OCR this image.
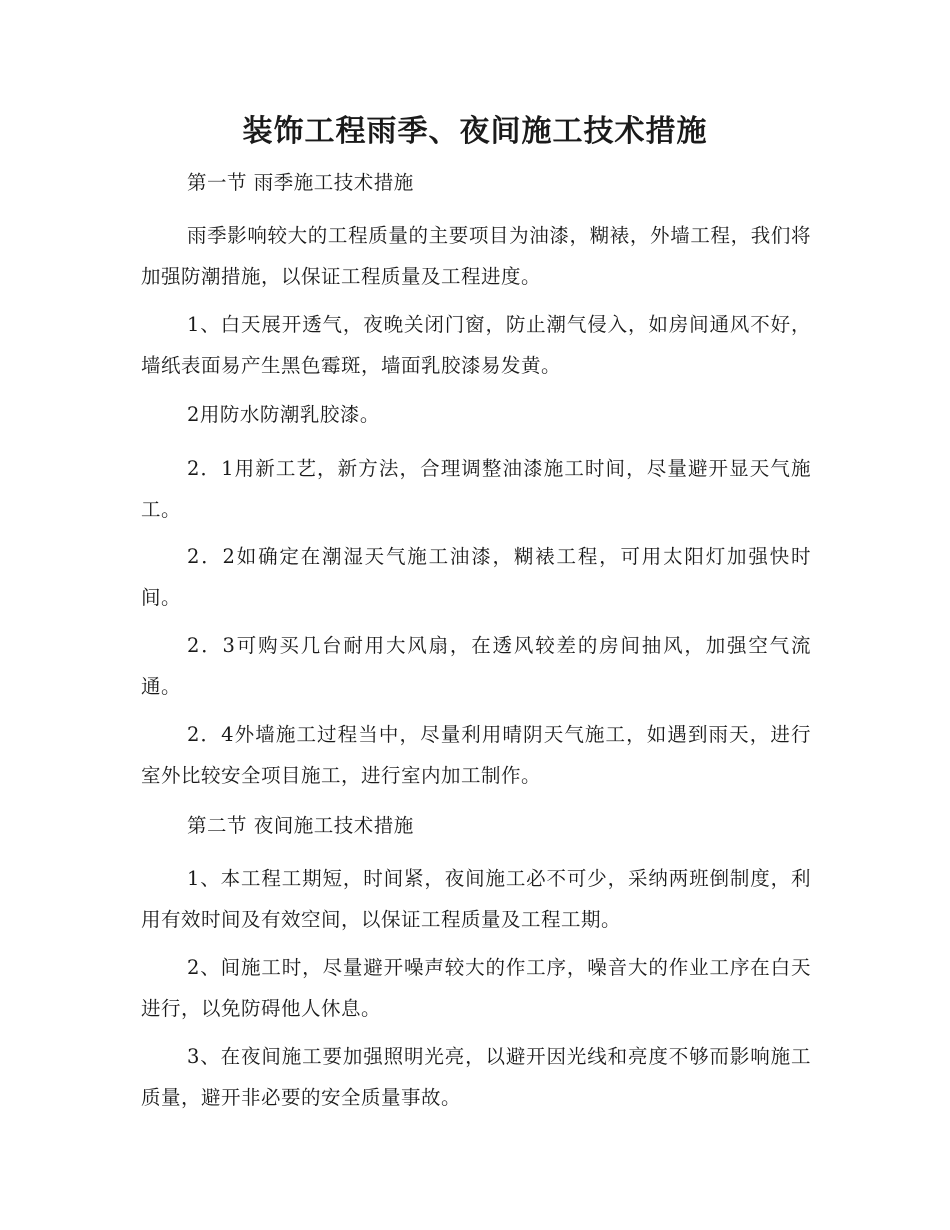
装饰工程雨季、夜间施工技术措施

第一节 雨季施工技术措施

雨季影响较大的工程质量的主要项目为油漆，糊裱，外墙工程，我们将加强防潮措施，以保证工程质量及工程进度。

1、白天展开透气，夜晚关闭门窗，防止潮气侵入，如房间通风不好，墙纸表面易产生黑色霉斑，墙面乳胶漆易发黄。

2用防水防潮乳胶漆。

2．1用新工艺，新方法，合理调整油漆施工时间，尽量避开显天气施工。

2．2如确定在潮湿天气施工油漆，糊裱工程，可用太阳灯加强快时间。

2．3可购买几台耐用大风扇，在透风较差的房间抽风，加强空气流通。

2．4外墙施工过程当中，尽量利用晴阴天气施工，如遇到雨天，进行室外比较安全项目施工，进行室内加工制作。

第二节 夜间施工技术措施

1、本工程工期短，时间紧，夜间施工必不可少，采纳两班倒制度，利用有效时间及有效空间，以保证工程质量及工程工期。

2、间施工时，尽量避开噪声较大的作工序，噪音大的作业工序在白天进行，以免防碍他人休息。

3、在夜间施工要加强照明光亮，以避开因光线和亮度不够而影响施工质量，避开非必要的安全质量事故。
